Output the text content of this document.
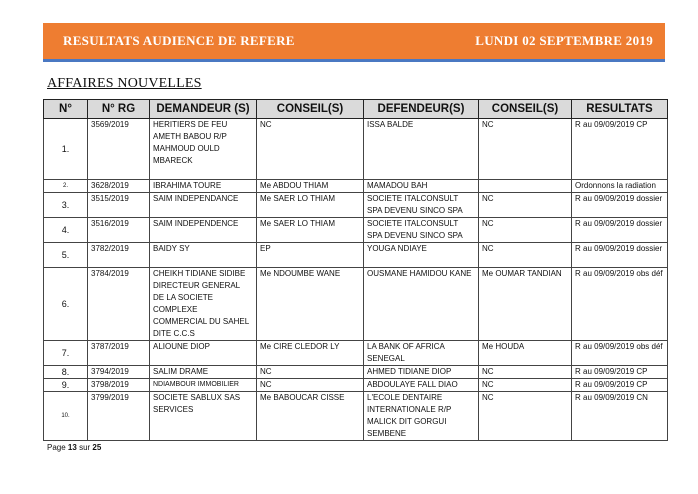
RESULTATS AUDIENCE DE REFERE	LUNDI 02 SEPTEMBRE 2019
AFFAIRES NOUVELLES
N°	N° RG	DEMANDEUR (S)	CONSEIL(S)	DEFENDEUR(S)	CONSEIL(S)	RESULTATS
1.	3569/2019	HERITIERS DE FEU AMETH BABOU R/P MAHMOUD OULD MBARECK	NC	ISSA BALDE	NC	R au 09/09/2019 CP
2.	3628/2019	IBRAHIMA TOURE	Me ABDOU THIAM	MAMADOU BAH		Ordonnons la radiation
3.	3515/2019	SAIM INDEPENDANCE	Me SAER LO THIAM	SOCIETE ITALCONSULT SPA DEVENU SINCO SPA	NC	R au 09/09/2019 dossier
4.	3516/2019	SAIM INDEPENDENCE	Me SAER LO THIAM	SOCIETE ITALCONSULT SPA DEVENU SINCO SPA	NC	R au 09/09/2019 dossier
5.	3782/2019	BAIDY SY	EP	YOUGA NDIAYE	NC	R au 09/09/2019 dossier
6.	3784/2019	CHEIKH TIDIANE SIDIBE DIRECTEUR GENERAL DE LA SOCIETE COMPLEXE COMMERCIAL DU SAHEL DITE C.C.S	Me NDOUMBE WANE	OUSMANE HAMIDOU KANE	Me OUMAR TANDIAN	R au 09/09/2019 obs déf
7.	3787/2019	ALIOUNE DIOP	Me CIRE CLEDOR LY	LA BANK OF AFRICA SENEGAL	Me HOUDA	R au 09/09/2019 obs déf
8.	3794/2019	SALIM DRAME	NC	AHMED TIDIANE DIOP	NC	R au 09/09/2019 CP
9.	3798/2019	NDIAMBOUR IMMOBILIER	NC	ABDOULAYE FALL DIAO	NC	R au 09/09/2019 CP
10.	3799/2019	SOCIETE SABLUX SAS SERVICES	Me BABOUCAR CISSE	L'ECOLE DENTAIRE INTERNATIONALE R/P MALICK DIT GORGUI SEMBENE	NC	R au 09/09/2019 CN
Page 13 sur 25
